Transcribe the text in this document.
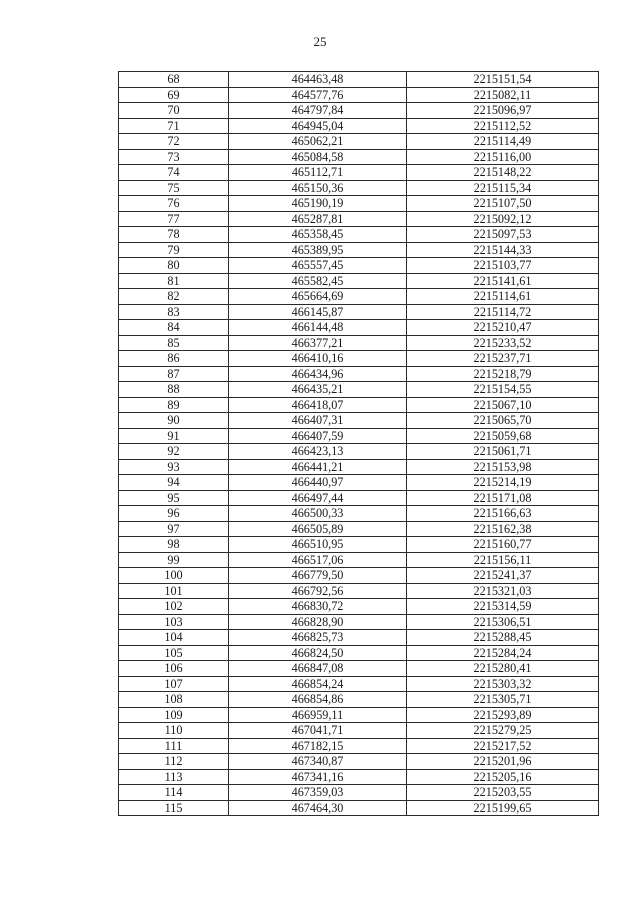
25
68	464463,48	2215151,54
69	464577,76	2215082,11
70	464797,84	2215096,97
71	464945,04	2215112,52
72	465062,21	2215114,49
73	465084,58	2215116,00
74	465112,71	2215148,22
75	465150,36	2215115,34
76	465190,19	2215107,50
77	465287,81	2215092,12
78	465358,45	2215097,53
79	465389,95	2215144,33
80	465557,45	2215103,77
81	465582,45	2215141,61
82	465664,69	2215114,61
83	466145,87	2215114,72
84	466144,48	2215210,47
85	466377,21	2215233,52
86	466410,16	2215237,71
87	466434,96	2215218,79
88	466435,21	2215154,55
89	466418,07	2215067,10
90	466407,31	2215065,70
91	466407,59	2215059,68
92	466423,13	2215061,71
93	466441,21	2215153,98
94	466440,97	2215214,19
95	466497,44	2215171,08
96	466500,33	2215166,63
97	466505,89	2215162,38
98	466510,95	2215160,77
99	466517,06	2215156,11
100	466779,50	2215241,37
101	466792,56	2215321,03
102	466830,72	2215314,59
103	466828,90	2215306,51
104	466825,73	2215288,45
105	466824,50	2215284,24
106	466847,08	2215280,41
107	466854,24	2215303,32
108	466854,86	2215305,71
109	466959,11	2215293,89
110	467041,71	2215279,25
111	467182,15	2215217,52
112	467340,87	2215201,96
113	467341,16	2215205,16
114	467359,03	2215203,55
115	467464,30	2215199,65
